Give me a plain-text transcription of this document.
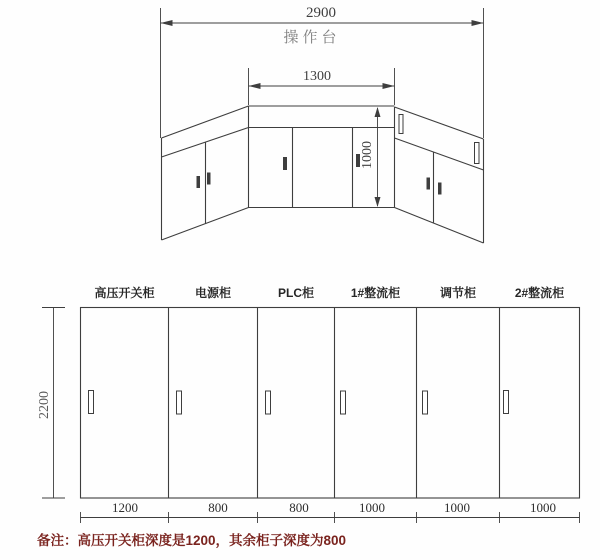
2900
操作台
1300
1000
2200
高压开关柜	电源柜	PLC柜	1#整流柜	调节柜	2#整流柜
1200	800	800	1000	1000	1000
备注：高压开关柜深度是1200，其余柜子深度为800
